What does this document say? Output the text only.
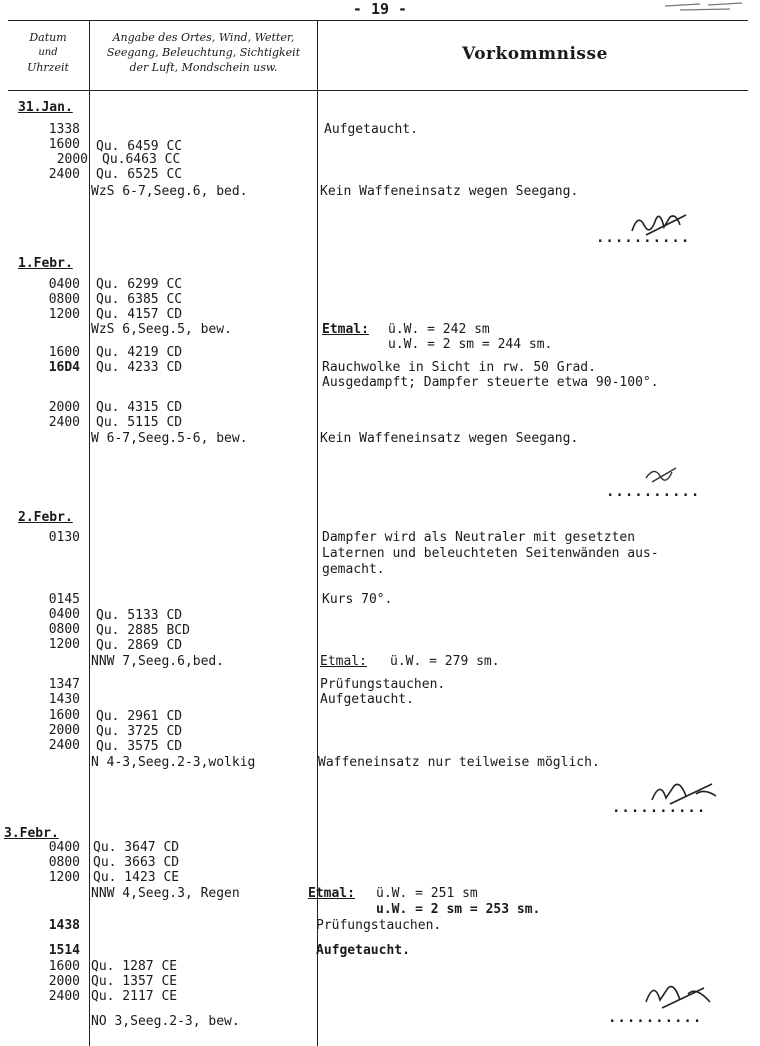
- 19 -
Datum
und
Uhrzeit
Angabe des Ortes, Wind, Wetter,
Seegang, Beleuchtung, Sichtigkeit
der Luft, Mondschein usw.
Vorkommnisse
31.Jan.
1338	Aufgetaucht.
1600 Qu. 6459 CC
2000 Qu.6463 CC
2400 Qu. 6525 CC
WzS 6-7,Seeg.6, bed.	Kein Waffeneinsatz wegen Seegang.
..........
1.Febr.
0400 Qu. 6299 CC
0800 Qu. 6385 CC
1200 Qu. 4157 CD
WzS 6,Seeg.5, bew.	Etmal: ü.W. = 242 sm
u.W. = 2 sm = 244 sm.
1600 Qu. 4219 CD
16D4 Qu. 4233 CD	Rauchwolke in Sicht in rw. 50 Grad.
Ausgedampft; Dampfer steuerte etwa 90-100°.
2000 Qu. 4315 CD
2400 Qu. 5115 CD
W 6-7,Seeg.5-6, bew.	Kein Waffeneinsatz wegen Seegang.
..........
2.Febr.
0130	Dampfer wird als Neutraler mit gesetzten
Laternen und beleuchteten Seitenwänden aus-
gemacht.
0145	Kurs 70°.
0400 Qu. 5133 CD
0800 Qu. 2885 BCD
1200 Qu. 2869 CD
NNW 7,Seeg.6,bed.	Etmal: ü.W. = 279 sm.
1347	Prüfungstauchen.
1430	Aufgetaucht.
1600 Qu. 2961 CD
2000 Qu. 3725 CD
2400 Qu. 3575 CD
N 4-3,Seeg.2-3,wolkig	Waffeneinsatz nur teilweise möglich.
..........
3.Febr.
0400 Qu. 3647 CD
0800 Qu. 3663 CD
1200 Qu. 1423 CE
NNW 4,Seeg.3, Regen	Etmal: ü.W. = 251 sm
u.W. = 2 sm = 253 sm.
1438	Prüfungstauchen.
1514	Aufgetaucht.
1600 Qu. 1287 CE
2000 Qu. 1357 CE
2400 Qu. 2117 CE
NO 3,Seeg.2-3, bew.	..........
